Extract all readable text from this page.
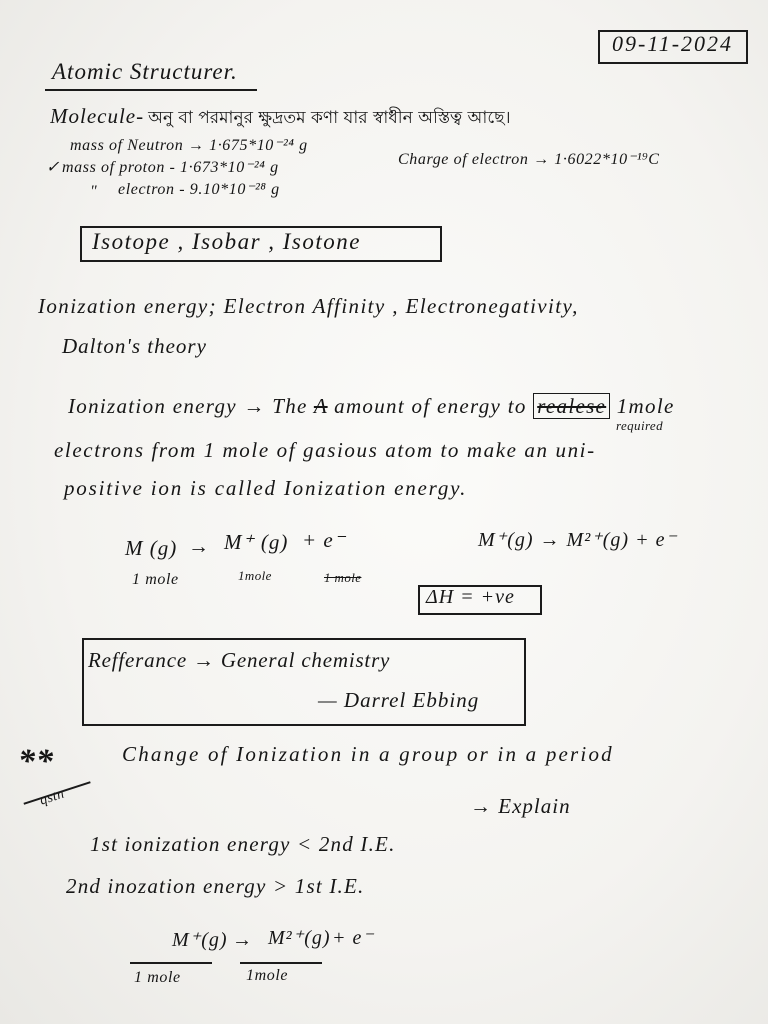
09-11-2024
Atomic Structurer.
Molecule- অনু বা পরমানুর ক্ষুদ্রতম কণা যার স্বাধীন অস্তিত্ব আছে।
mass of Neutron → 1·675*10⁻²⁴ g
✓ mass of proton - 1·673*10⁻²⁴ g
" electron - 9.10*10⁻²⁸ g
Charge of electron → 1·6022*10⁻¹⁹C
Isotope , Isobar , Isotone
Ionization energy; Electron Affinity , Electronegativity,
Dalton's theory
Ionization energy → The A amount of energy to realese 1mole
required
electrons from 1 mole of gasious atom to make an uni-
positive ion is called Ionization energy.
M (g) → M⁺ (g) + e⁻
1 mole	1mole	1 mole
M⁺(g) → M²⁺(g) + e⁻
ΔH = +ve
Refferance → General chemistry
— Darrel Ebbing
**
qstn
Change of Ionization in a group or in a period
→ Explain
1st ionization energy < 2nd I.E.
2nd inozation energy > 1st I.E.
M⁺(g) → M²⁺(g) + e⁻
1 mole	1mole
